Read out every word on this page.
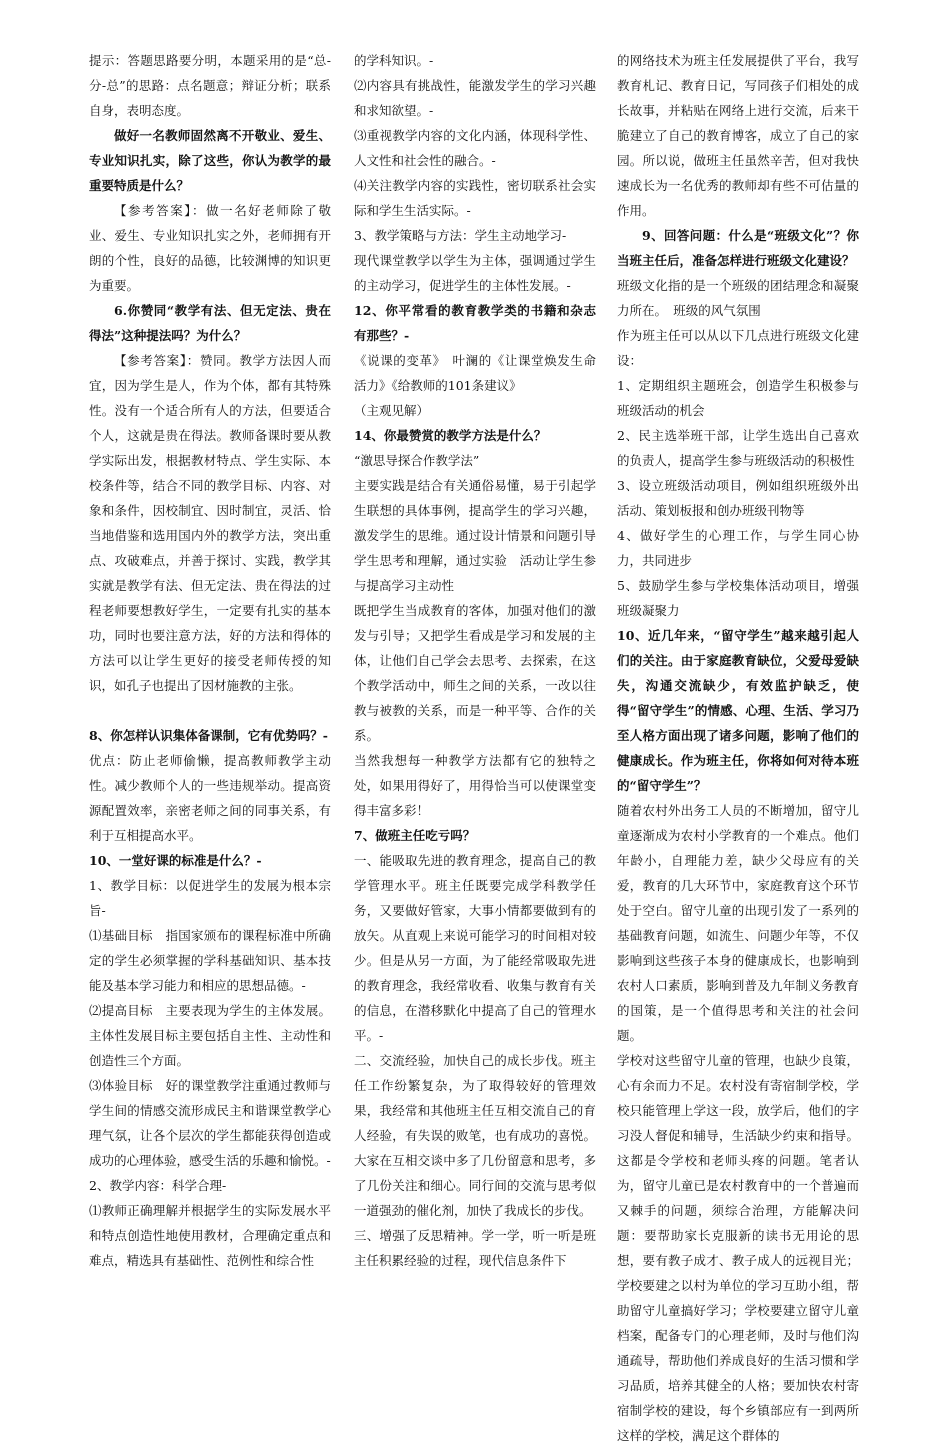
提示：答题思路要分明，本题采用的是“总-分-总”的思路：点名题意；辩证分析；联系自身，表明态度。

做好一名教师固然离不开敬业、爱生、专业知识扎实，除了这些，你认为教学的最重要特质是什么？

【参考答案】：做一名好老师除了敬业、爱生、专业知识扎实之外，老师拥有开朗的个性，良好的品德，比较渊博的知识更为重要。

6.你赞同“教学有法、但无定法、贵在得法”这种提法吗？为什么？

【参考答案】：赞同。教学方法因人而宜，因为学生是人，作为个体，都有其特殊性。没有一个适合所有人的方法，但要适合个人，这就是贵在得法。教师备课时要从教学实际出发，根据教材特点、学生实际、本校条件等，结合不同的教学目标、内容、对象和条件，因校制宜、因时制宜，灵活、恰当地借鉴和选用国内外的教学方法，突出重点、攻破难点，并善于探讨、实践，教学其实就是教学有法、但无定法、贵在得法的过程老师要想教好学生，一定要有扎实的基本功，同时也要注意方法，好的方法和得体的方法可以让学生更好的接受老师传授的知识，如孔子也提出了因材施教的主张。

8、你怎样认识集体备课制，它有优势吗？-

优点：防止老师偷懒，提高教师教学主动性。减少教师个人的一些违规举动。提高资源配置效率，亲密老师之间的同事关系，有利于互相提高水平。

10、一堂好课的标准是什么？-

1、教学目标：以促进学生的发展为根本宗旨-

⑴基础目标　指国家颁布的课程标准中所确定的学生必须掌握的学科基础知识、基本技能及基本学习能力和相应的思想品德。-

⑵提高目标　主要表现为学生的主体发展。主体性发展目标主要包括自主性、主动性和创造性三个方面。

⑶体验目标　好的课堂教学注重通过教师与学生间的情感交流形成民主和谐课堂教学心理气氛，让各个层次的学生都能获得创造或成功的心理体验，感受生活的乐趣和愉悦。-

2、教学内容：科学合理-

⑴教师正确理解并根据学生的实际发展水平和特点创造性地使用教材，合理确定重点和难点，精选具有基础性、范例性和综合性

的学科知识。-

⑵内容具有挑战性，能激发学生的学习兴趣和求知欲望。-

⑶重视教学内容的文化内涵，体现科学性、人文性和社会性的融合。-

⑷关注教学内容的实践性，密切联系社会实际和学生生活实际。-

3、教学策略与方法：学生主动地学习-

现代课堂教学以学生为主体，强调通过学生的主动学习，促进学生的主体性发展。-

12、你平常看的教育教学类的书籍和杂志有那些？-

《说课的变革》　叶澜的《让课堂焕发生命活力》《给教师的101条建议》

（主观见解）

14、你最赞赏的教学方法是什么？

“激思导探合作教学法”

主要实践是结合有关通俗易懂，易于引起学生联想的具体事例，提高学生的学习兴趣，激发学生的思维。通过设计情景和问题引导学生思考和理解，通过实验　活动让学生参与提高学习主动性

既把学生当成教育的客体，加强对他们的激发与引导；又把学生看成是学习和发展的主体，让他们自己学会去思考、去探索，在这个教学活动中，师生之间的关系，一改以往教与被教的关系，而是一种平等、合作的关系。

当然我想每一种教学方法都有它的独特之处，如果用得好了，用得恰当可以使课堂变得丰富多彩！

7、做班主任吃亏吗？

一、能吸取先进的教育理念，提高自己的教学管理水平。班主任既要完成学科教学任务，又要做好管家，大事小情都要做到有的放矢。从直观上来说可能学习的时间相对较少。但是从另一方面，为了能经常吸取先进的教育理念，我经常收看、收集与教育有关的信息，在潜移默化中提高了自己的管理水平。-

二、交流经验，加快自己的成长步伐。班主任工作纷繁复杂，为了取得较好的管理效果，我经常和其他班主任互相交流自己的育人经验，有失误的败笔，也有成功的喜悦。大家在互相交谈中多了几份留意和思考，多了几份关注和细心。同行间的交流与思考似一道强劲的催化剂，加快了我成长的步伐。

三、增强了反思精神。学一学，听一听是班主任积累经验的过程，现代信息条件下

的网络技术为班主任发展提供了平台，我写教育札记、教育日记，写同孩子们相处的成长故事，并粘贴在网络上进行交流，后来干脆建立了自己的教育博客，成立了自己的家园。所以说，做班主任虽然辛苦，但对我快速成长为一名优秀的教师却有些不可估量的作用。

9、回答问题：什么是“班级文化”？你当班主任后，准备怎样进行班级文化建设？

班级文化指的是一个班级的团结理念和凝聚力所在。　班级的风气氛围

作为班主任可以从以下几点进行班级文化建设：

1、定期组织主题班会，创造学生积极参与班级活动的机会

2、民主选举班干部，让学生选出自己喜欢的负责人，提高学生参与班级活动的积极性

3、设立班级活动项目，例如组织班级外出活动、策划板报和创办班级刊物等

4、做好学生的心理工作，与学生同心协力，共同进步

5、鼓励学生参与学校集体活动项目，增强班级凝聚力

10、近几年来，“留守学生”越来越引起人们的关注。由于家庭教育缺位，父爱母爱缺失，沟通交流缺少，有效监护缺乏，使得“留守学生”的情感、心理、生活、学习乃至人格方面出现了诸多问题，影响了他们的健康成长。作为班主任，你将如何对待本班的“留守学生”？

随着农村外出务工人员的不断增加，留守儿童逐渐成为农村小学教育的一个难点。他们年龄小，自理能力差，缺少父母应有的关爱，教育的几大环节中，家庭教育这个环节处于空白。留守儿童的出现引发了一系列的基础教育问题，如流生、问题少年等，不仅影响到这些孩子本身的健康成长，也影响到农村人口素质，影响到普及九年制义务教育的国策，是一个值得思考和关注的社会问题。

学校对这些留守儿童的管理，也缺少良策，心有余而力不足。农村没有寄宿制学校，学校只能管理上学这一段，放学后，他们的字习没人督促和辅导，生活缺少约束和指导。这都是令学校和老师头疼的问题。笔者认为，留守儿童已是农村教育中的一个普遍而又棘手的问题，须综合治理，方能解决问题：要帮助家长克服新的读书无用论的思想，要有教子成才、教子成人的远视目光；学校要建之以村为单位的学习互助小组，帮助留守儿童搞好学习；学校要建立留守儿童档案，配备专门的心理老师，及时与他们沟通疏导，帮助他们养成良好的生活习惯和学习品质，培养其健全的人格；要加快农村寄宿制学校的建设，每个乡镇部应有一到两所这样的学校，满足这个群体的
